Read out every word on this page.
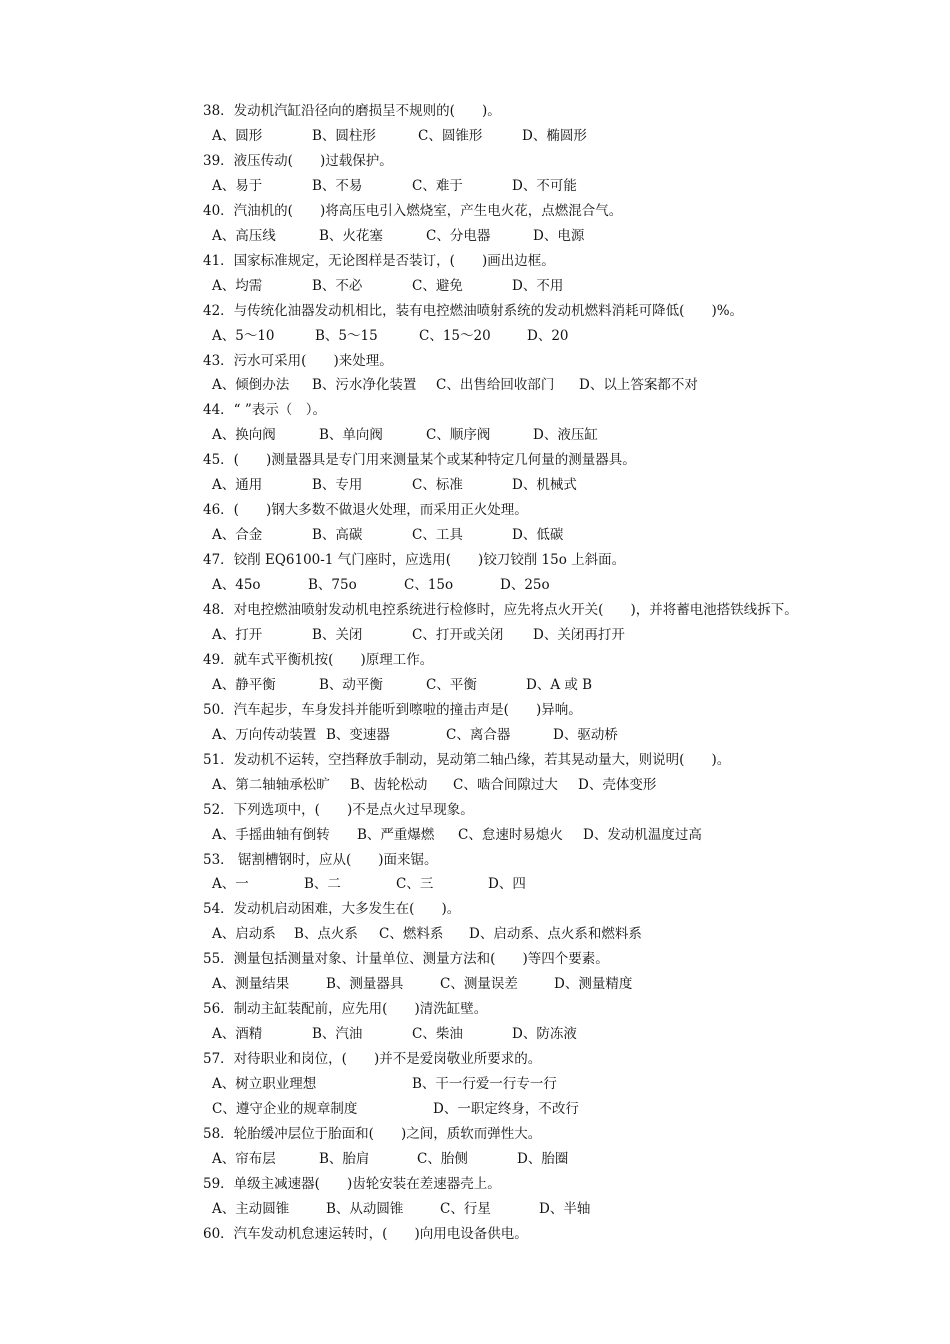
38．发动机汽缸沿径向的磨损呈不规则的(　　)。
A、圆形	B、圆柱形	C、圆锥形	D、椭圆形
39．液压传动(　　)过载保护。
A、易于	B、不易	C、难于	D、不可能
40．汽油机的(　　)将高压电引入燃烧室，产生电火花，点燃混合气。
A、高压线	B、火花塞	C、分电器	D、电源
41．国家标准规定，无论图样是否装订，(　　)画出边框。
A、均需	B、不必	C、避免	D、不用
42．与传统化油器发动机相比，装有电控燃油喷射系统的发动机燃料消耗可降低(　　)%。
A、5～10	B、5～15	C、15～20	D、20
43．污水可采用(　　)来处理。
A、倾倒办法	B、污水净化装置	C、出售给回收部门	D、以上答案都不对
44．“ ”表示（　）。
A、换向阀	B、单向阀	C、顺序阀	D、液压缸
45．(　　)测量器具是专门用来测量某个或某种特定几何量的测量器具。
A、通用	B、专用	C、标准	D、机械式
46．(　　)钢大多数不做退火处理，而采用正火处理。
A、合金	B、高碳	C、工具	D、低碳
47．铰削 EQ6100-1 气门座时，应选用(　　)铰刀铰削 15o 上斜面。
A、45o	B、75o	C、15o	D、25o
48．对电控燃油喷射发动机电控系统进行检修时，应先将点火开关(　　)，并将蓄电池搭铁线拆下。
A、打开	B、关闭	C、打开或关闭	D、关闭再打开
49．就车式平衡机按(　　)原理工作。
A、静平衡	B、动平衡	C、平衡	D、A 或 B
50．汽车起步，车身发抖并能听到嚓啦的撞击声是(　　)异响。
A、万向传动装置 B、变速器	C、离合器	D、驱动桥
51．发动机不运转，空挡释放手制动，晃动第二轴凸缘，若其晃动量大，则说明(　　)。
A、第二轴轴承松旷	B、齿轮松动	C、啮合间隙过大	D、壳体变形
52．下列选项中，(　　)不是点火过早现象。
A、手摇曲轴有倒转	B、严重爆燃	C、怠速时易熄火	D、发动机温度过高
53． 锯割槽钢时，应从(　　)面来锯。
A、一	B、二	C、三	D、四
54．发动机启动困难，大多发生在(　　)。
A、启动系	B、点火系	C、燃料系	D、启动系、点火系和燃料系
55．测量包括测量对象、计量单位、测量方法和(　　)等四个要素。
A、测量结果	B、测量器具	C、测量误差	D、测量精度
56．制动主缸装配前，应先用(　　)清洗缸壁。
A、酒精	B、汽油	C、柴油	D、防冻液
57．对待职业和岗位，(　　)并不是爱岗敬业所要求的。
A、树立职业理想	B、干一行爱一行专一行
C、遵守企业的规章制度	D、一职定终身，不改行
58．轮胎缓冲层位于胎面和(　　)之间，质软而弹性大。
A、帘布层	B、胎肩	C、胎侧	D、胎圈
59．单级主减速器(　　)齿轮安装在差速器壳上。
A、主动圆锥	B、从动圆锥	C、行星	D、半轴
60．汽车发动机怠速运转时，(　　)向用电设备供电。
